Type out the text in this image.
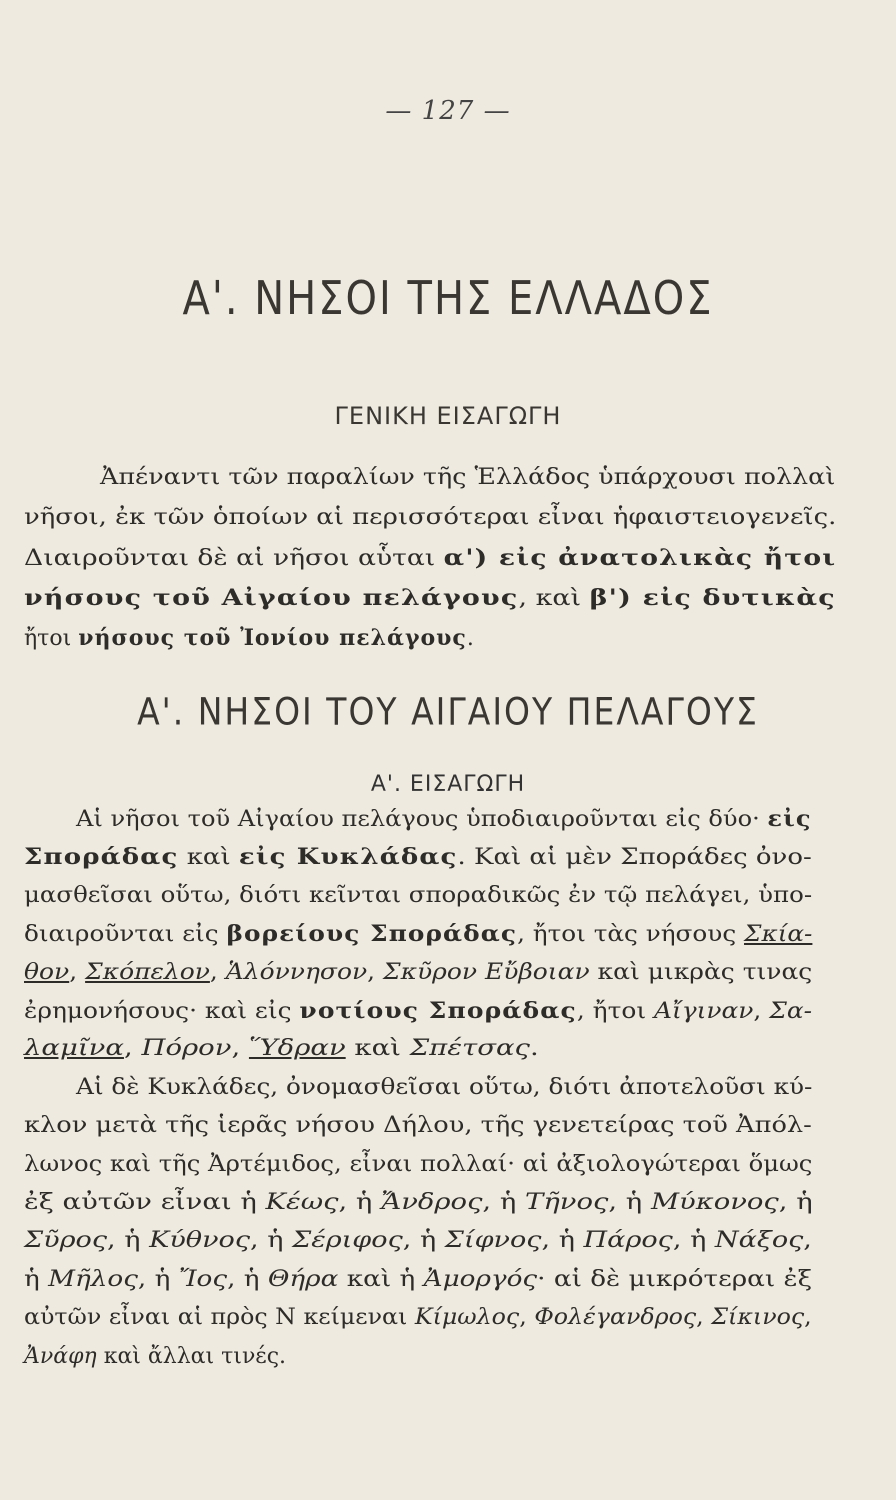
— 127 —
Α'. ΝΗΣΟΙ ΤΗΣ ΕΛΛΑΔΟΣ
ΓΕΝΙΚΗ ΕΙΣΑΓΩΓΗ
Ἀπέναντι τῶν παραλίων τῆς Ἑλλάδος ὑπάρχουσι πολλαὶ
νῆσοι, ἐκ τῶν ὁποίων αἱ περισσότεραι εἶναι ἡφαιστειογενεῖς.
Διαιροῦνται δὲ αἱ νῆσοι αὗται α') εἰς ἀνατολικὰς ἤτοι
νήσους τοῦ Αἰγαίου πελάγους, καὶ β') εἰς δυτικὰς
ἤτοι νήσους τοῦ Ἰονίου πελάγους.
Α'. ΝΗΣΟΙ ΤΟΥ ΑΙΓΑΙΟΥ ΠΕΛΑΓΟΥΣ
Α'. ΕΙΣΑΓΩΓΗ
Αἱ νῆσοι τοῦ Αἰγαίου πελάγους ὑποδιαιροῦνται εἰς δύο· εἰς
Σποράδας καὶ εἰς Κυκλάδας. Καὶ αἱ μὲν Σποράδες ὀνο-
μασθεῖσαι οὕτω, διότι κεῖνται σποραδικῶς ἐν τῷ πελάγει, ὑπο-
διαιροῦνται εἰς βορείους Σποράδας, ἤτοι τὰς νήσους Σκία-
θον, Σκόπελον, Ἁλόννησον, Σκῦρον Εὔβοιαν καὶ μικρὰς τινας
ἐρημονήσους· καὶ εἰς νοτίους Σποράδας, ἤτοι Αἴγιναν, Σα-
λαμῖνα, Πόρον, Ὕδραν καὶ Σπέτσας.
Αἱ δὲ Κυκλάδες, ὀνομασθεῖσαι οὕτω, διότι ἀποτελοῦσι κύ-
κλον μετὰ τῆς ἱερᾶς νήσου Δήλου, τῆς γενετείρας τοῦ Ἀπόλ-
λωνος καὶ τῆς Ἀρτέμιδος, εἶναι πολλαί· αἱ ἀξιολογώτεραι ὅμως
ἐξ αὐτῶν εἶναι ἡ Κέως, ἡ Ἄνδρος, ἡ Τῆνος, ἡ Μύκονος, ἡ
Σῦρος, ἡ Κύθνος, ἡ Σέριφος, ἡ Σίφνος, ἡ Πάρος, ἡ Νάξος,
ἡ Μῆλος, ἡ Ἴος, ἡ Θήρα καὶ ἡ Ἀμοργός· αἱ δὲ μικρότεραι ἐξ
αὐτῶν εἶναι αἱ πρὸς Ν κείμεναι Κίμωλος, Φολέγανδρος, Σίκινος,
Ἀνάφη καὶ ἄλλαι τινές.
